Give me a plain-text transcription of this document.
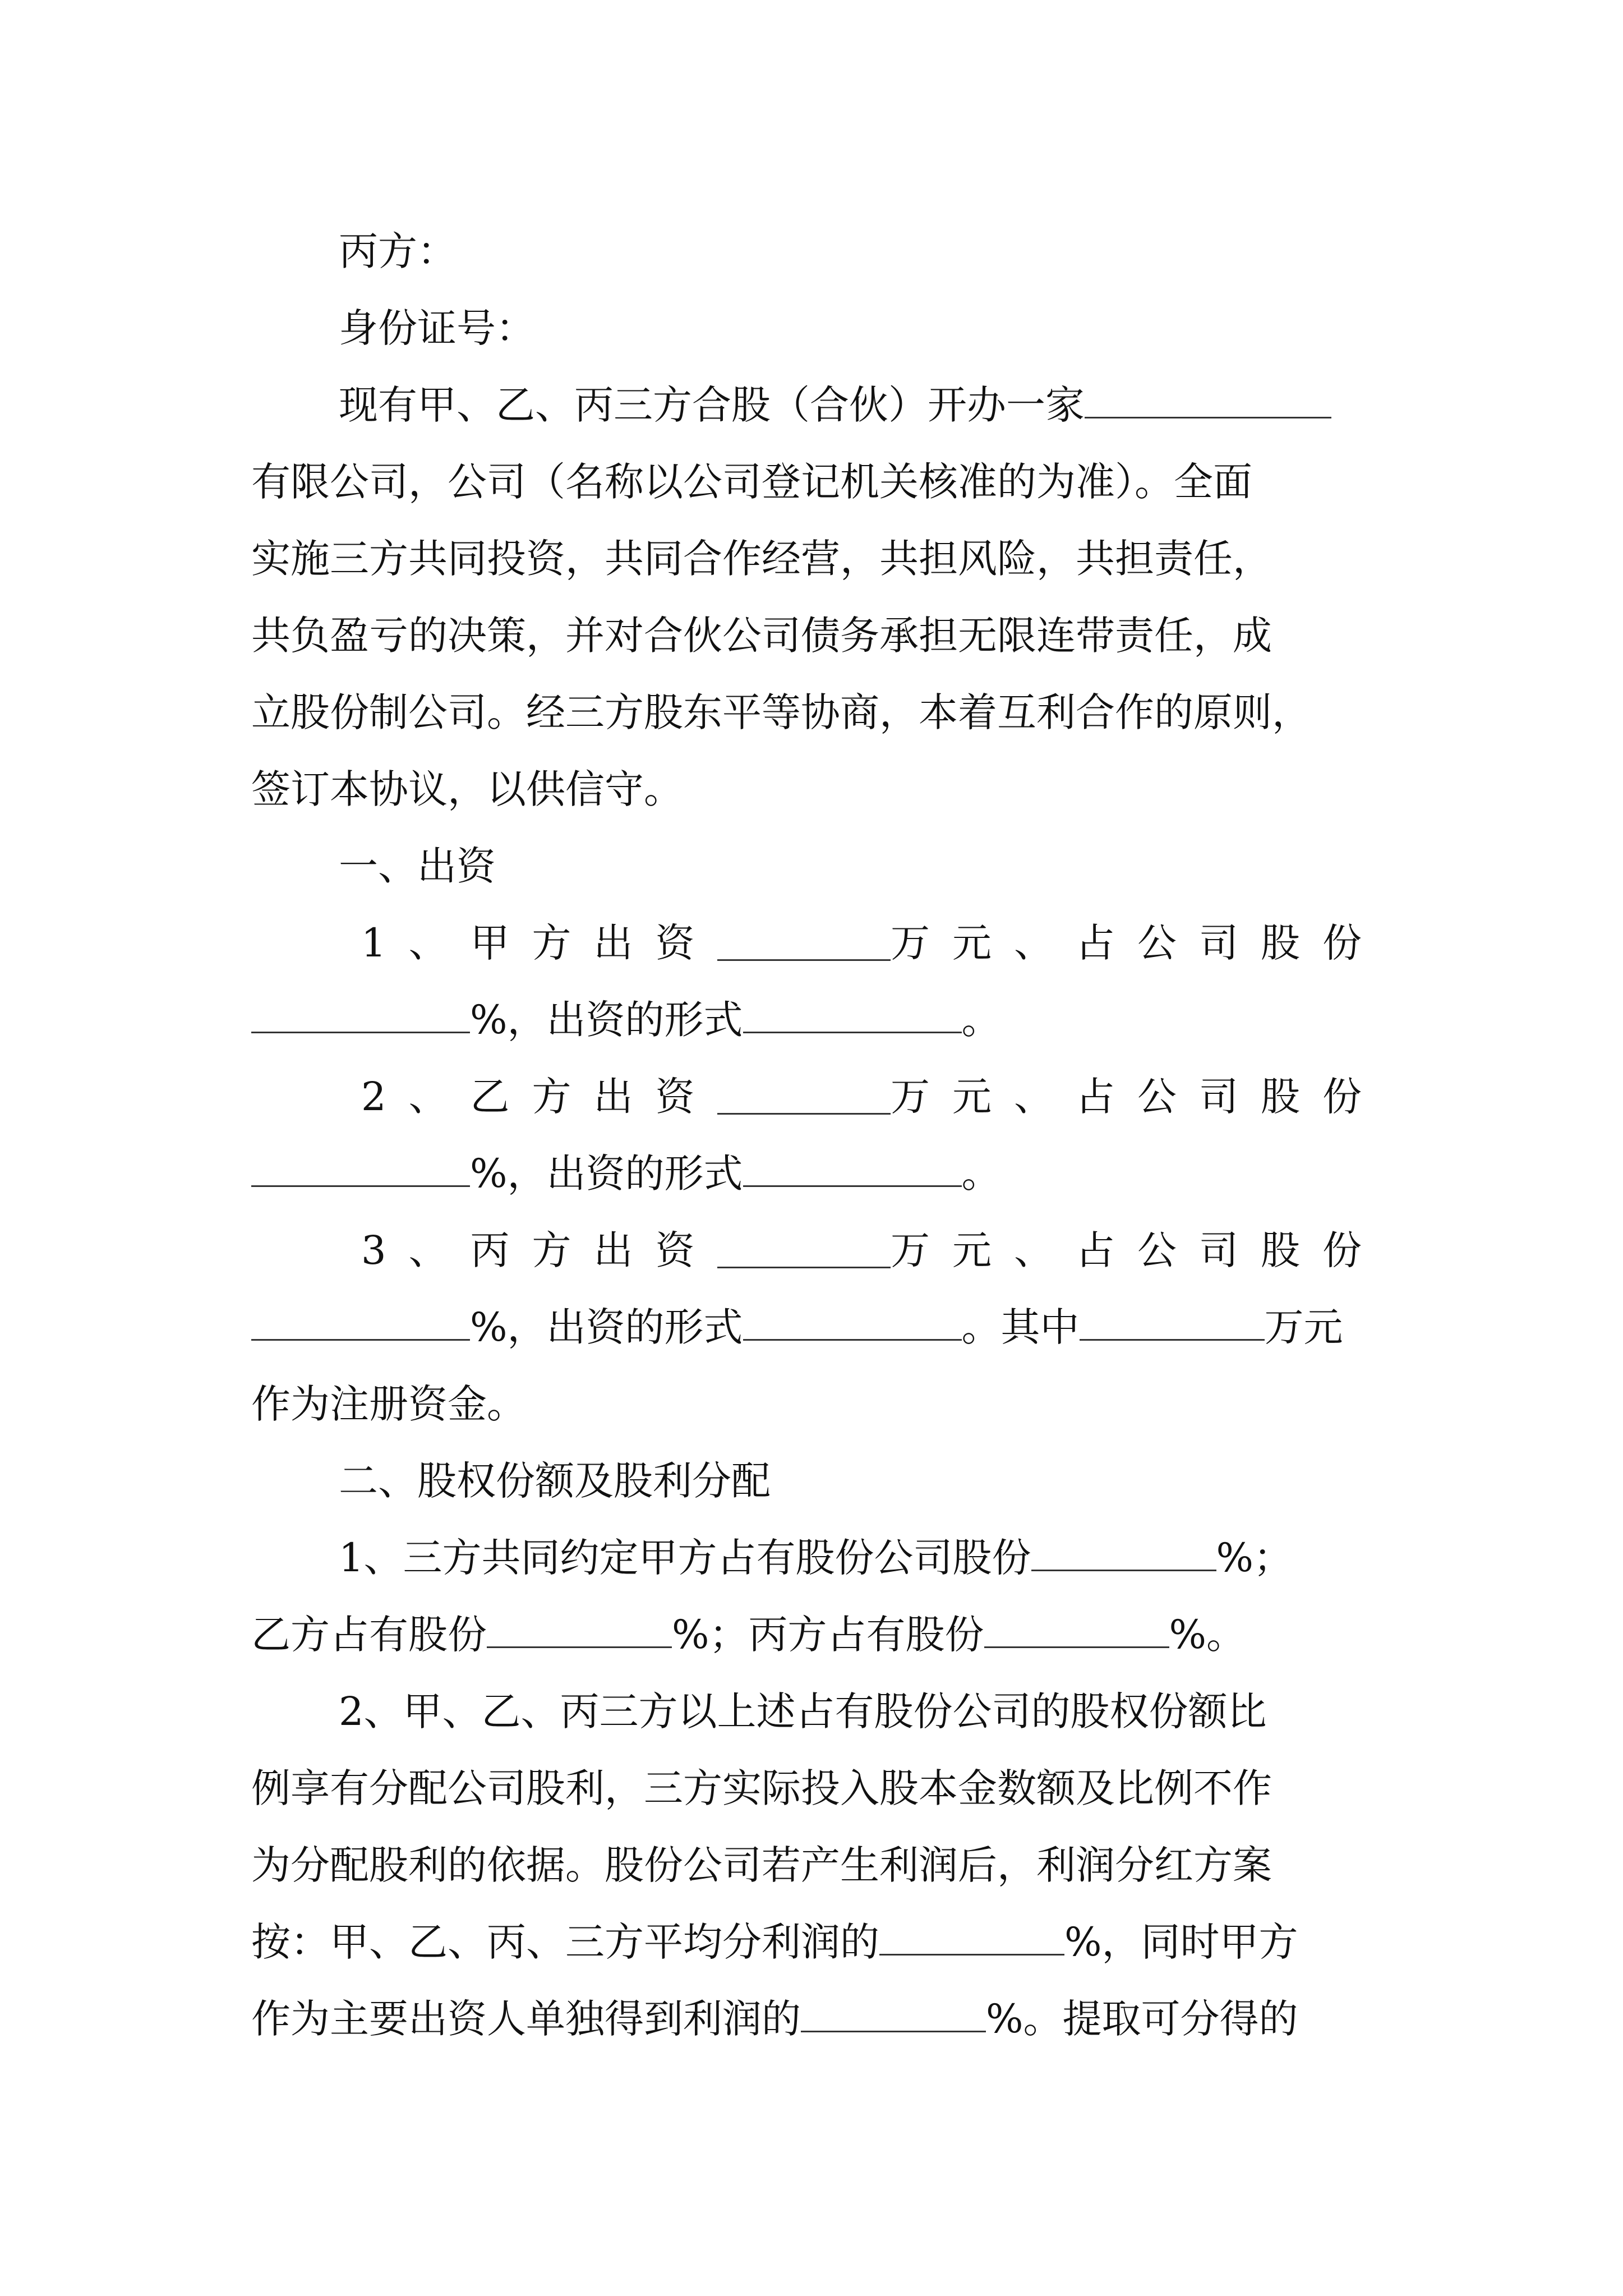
丙方：
身份证号：
现有甲、乙、丙三方合股（合伙）开办一家
有限公司，公司（名称以公司登记机关核准的为准）。全面
实施三方共同投资，共同合作经营，共担风险，共担责任，
共负盈亏的决策，并对合伙公司债务承担无限连带责任，成
立股份制公司。经三方股东平等协商，本着互利合作的原则，
签订本协议，以供信守。
一、出资
1、甲方出资	万元、占公司股份
%，出资的形式	。
2、乙方出资	万元、占公司股份
%，出资的形式	。
3、丙方出资	万元、占公司股份
%，出资的形式	。其中	万元
作为注册资金。
二、股权份额及股利分配
1、三方共同约定甲方占有股份公司股份	%；
乙方占有股份	%；丙方占有股份	%。
2、甲、乙、丙三方以上述占有股份公司的股权份额比
例享有分配公司股利，三方实际投入股本金数额及比例不作
为分配股利的依据。股份公司若产生利润后，利润分红方案
按：甲、乙、丙、三方平均分利润的	%，同时甲方
作为主要出资人单独得到利润的	%。提取可分得的
